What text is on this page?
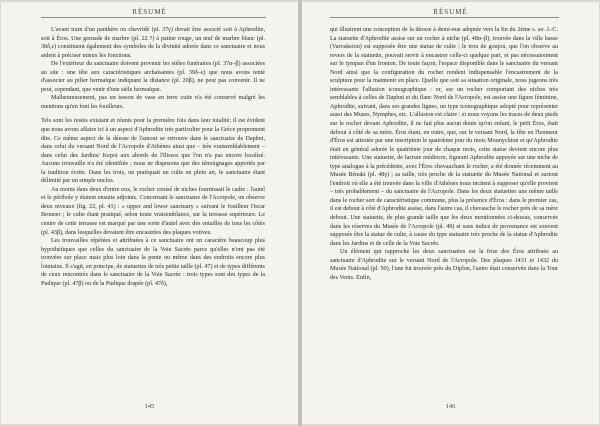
RÉSUMÉ

L'avant train d'un panthère ou chevridé (pl. 37γ) devait être associé soit à Aphrodite, soit à Éros. Une grenade de marbre (pl. 22 ?) à patine rouge, un œuf de marbre blanc (pl. 38δ,ε) constituent également des symboles de la divinité adorée dans ce sanctuaire et nous aident à préciser mieux les fonctions.

De l'extérieur du sanctuaire doivent provenir les stèles funéraires (pl. 37α–β) associées au site : une tête aux caractéristiques archaïsantes (pl. 39δ–ε) que nous avons tenté d'associer au pilier hermaïque indiquant la distance (pl. 20β), ne peut pas convenir. Il ne peut, cependant, que venir d'une stèle hermaïque.

Malheureusement, pas un tesson de vase en terre cuite n'a été conservé malgré les mentions qu'en font les fouilleurs.

Tels sont les restes existant et réunis pour la première fois dans leur totalité; il est évident que nous avons affaire ici à un aspect d'Aphrodite très particulier pour la Grèce proprement dite. Ce même aspect de la déesse de l'amour se retrouve dans le sanctuaire de Daphni, dans celui du versant Nord de l'Acropole d'Athènes ainsi que – très vraisemblablement – dans celui des Jardins/ Kepoi aux abords de l'Ilissos que l'on n'a pas encore localisé. Aucune trouvaille n'a été identifiée ; nous ne disposons que des témoignages apportés par la tradition écrite. Dans les trois, on pratiquait un culte en plein air, le sanctuaire étant délimité par un simple enclos.

Au moins dans deux d'entre eux, le rocher creusé de niches fournissait le cadre : l'autel et le péribole y étaient ensuite adjoints. Concernant le sanctuaire de l'Acropole, on observe deux niveaux (fig. 22, pl. 41) : « upper and lower sanctuary » suivant le fouilleur Oscar Broneer ; le culte étant pratiqué, selon toute vraisemblance, sur la terrasse supérieure. Le centre de cette terrasse est marqué par une sorte d'autel avec des entailles de tous les côtés (pl. 43β), dans lesquelles devaient être encastrées des plaques votives.

Les trouvailles répétées et attribuées à ce sanctuaire ont un caractère beaucoup plus hypothétiques que celles du sanctuaire de la Voie Sacrée parce qu'elles n'ont pas été trouvées sur place mais plus loin dans la pente ou même dans des endroits encore plus lointains. Il s'agit, en principe, de statuettes de très petite taille (pl. 47) et de types différents de ceux rencontrés dans le sanctuaire de la Voie Sacrée : trois types sont des types de la Pudique (pl. 47β) ou de la Pudique drapée (pl. 47δ),

145
RÉSUMÉ

qui illustrent une conception de la déesse à demi-nue adoptée vers la fin du 2ème s. av. J.-C. La statuette d'Aphrodite assise sur un rocher à niche (pl. 48α–β), trouvée dans la ville basse (Varvakeion) est supposée être une statue de culte ; le trou de goujon, que l'on observe au revers de la statuette, pouvait servir à encastrer celle-ci quelque part, et pas nécessairement sur le tympan d'un fronton. De toute façon, l'espace disponible dans le sanctuaire du versant Nord ainsi que la configuration du rocher rendent indispensable l'encastrement de la sculpture pour la maintenir en place. Quelle que soit sa situation originale, nous jugeons très intéressante l'allusion iconographique : or, sur un rocher comportant des niches très semblables à celles de Daphni et du flanc Nord de l'Acropole, est assise une figure féminine, Aphrodite, suivant, dans ses grandes lignes, un type iconographique adopté pour représenter aussi des Muses, Nymphes, etc. L'allusion est claire : si nous voyons les traces de deux pieds sur le rocher devant Aphrodite, il ne fait plus aucun doute qu'on enfant, le petit Éros, était debout à côté de sa mère. Éros étant, en outre, que, sur le versant Nord, la fête en l'honneur d'Éros est attestée par une inscription le quatrième jour du mois Mounychion et qu'Aphrodite était en général adorée le quatrième jour de chaque mois, cette statue devient encore plus intéressante. Une statuette, de facture médiocre, figurant Aphrodite appuyée sur une niche de type analogue à la précédente, avec l'Éros chevauchant le rocher, a été donnée récemment au Musée Bénaki (pl. 48γ) ; sa taille, très proche de la statuette du Musée National et surtout l'endroit où elle a été trouvée dans la ville d'Athènes nous incitent à supposer qu'elle provient – très probablement – du sanctuaire de l'Acropole. Dans les deux statuettes une même taille dans le rocher sert de caractéristique commune, plus la présence d'Éros : dans le premier cas, il est debout à côté d'Aphrodite assise, dans l'autre cas, il chevauche le rocher près de sa mère debout. Une statuette, de plus grande taille que les deux mentionnées ci-dessus, conservée dans les réserves du Musée de l'Acropole (pl. 49) et sans indice de provenance est souvent supposée être la statue de culte, à cause du type statuaire très proche de la statue d'Aphrodite dans les Jardins et de celle de la Voie Sacrée.

Un élément qui rapproche les deux sanctuaires est la frise des Éros attribuée au sanctuaire d'Aphrodite sur le versant Nord de l'Acropole. Des plaques 1431 et 1432 du Musée National (pl. 50), l'une fut trouvée près du Diplon, l'autre était conservée dans la Tour des Vents. Enfin,

146
